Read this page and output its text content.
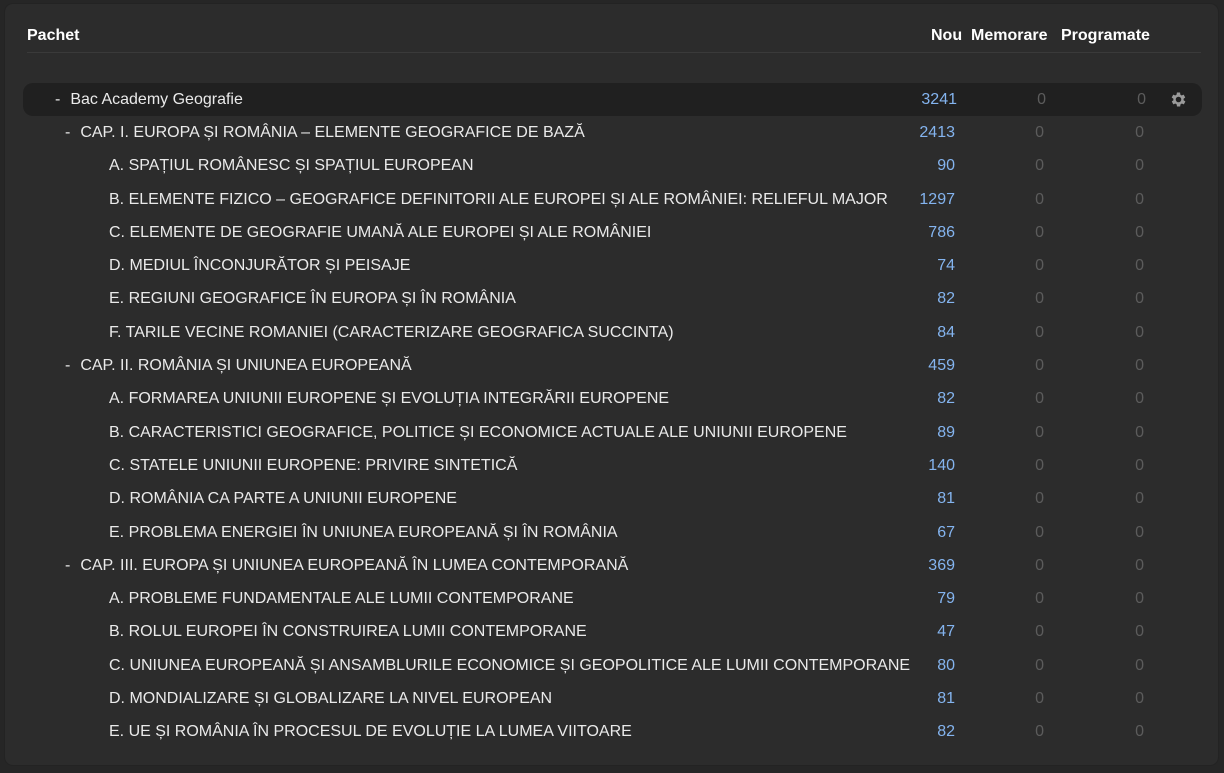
Pachet	Nou Memorare Programate
- Bac Academy Geografie	3241	0	0
- CAP. I. EUROPA ȘI ROMÂNIA – ELEMENTE GEOGRAFICE DE BAZĂ	2413	0	0
A. SPAȚIUL ROMÂNESC ȘI SPAȚIUL EUROPEAN	90	0	0
B. ELEMENTE FIZICO – GEOGRAFICE DEFINITORII ALE EUROPEI ȘI ALE ROMÂNIEI: RELIEFUL MAJOR 1297	0	0
C. ELEMENTE DE GEOGRAFIE UMANĂ ALE EUROPEI ȘI ALE ROMÂNIEI	786	0	0
D. MEDIUL ÎNCONJURĂTOR ȘI PEISAJE	74	0	0
E. REGIUNI GEOGRAFICE ÎN EUROPA ȘI ÎN ROMÂNIA	82	0	0
F. TARILE VECINE ROMANIEI (CARACTERIZARE GEOGRAFICA SUCCINTA)	84	0	0
- CAP. II. ROMÂNIA ȘI UNIUNEA EUROPEANĂ	459	0	0
A. FORMAREA UNIUNII EUROPENE ȘI EVOLUȚIA INTEGRĂRII EUROPENE	82	0	0
B. CARACTERISTICI GEOGRAFICE, POLITICE ȘI ECONOMICE ACTUALE ALE UNIUNII EUROPENE	89	0	0
C. STATELE UNIUNII EUROPENE: PRIVIRE SINTETICĂ	140	0	0
D. ROMÂNIA CA PARTE A UNIUNII EUROPENE	81	0	0
E. PROBLEMA ENERGIEI ÎN UNIUNEA EUROPEANĂ ȘI ÎN ROMÂNIA	67	0	0
- CAP. III. EUROPA ȘI UNIUNEA EUROPEANĂ ÎN LUMEA CONTEMPORANĂ	369	0	0
A. PROBLEME FUNDAMENTALE ALE LUMII CONTEMPORANE	79	0	0
B. ROLUL EUROPEI ÎN CONSTRUIREA LUMII CONTEMPORANE	47	0	0
C. UNIUNEA EUROPEANĂ ȘI ANSAMBLURILE ECONOMICE ȘI GEOPOLITICE ALE LUMII CONTEMPORANE 80	0	0
D. MONDIALIZARE ȘI GLOBALIZARE LA NIVEL EUROPEAN	81	0	0
E. UE ȘI ROMÂNIA ÎN PROCESUL DE EVOLUȚIE LA LUMEA VIITOARE	82	0	0
